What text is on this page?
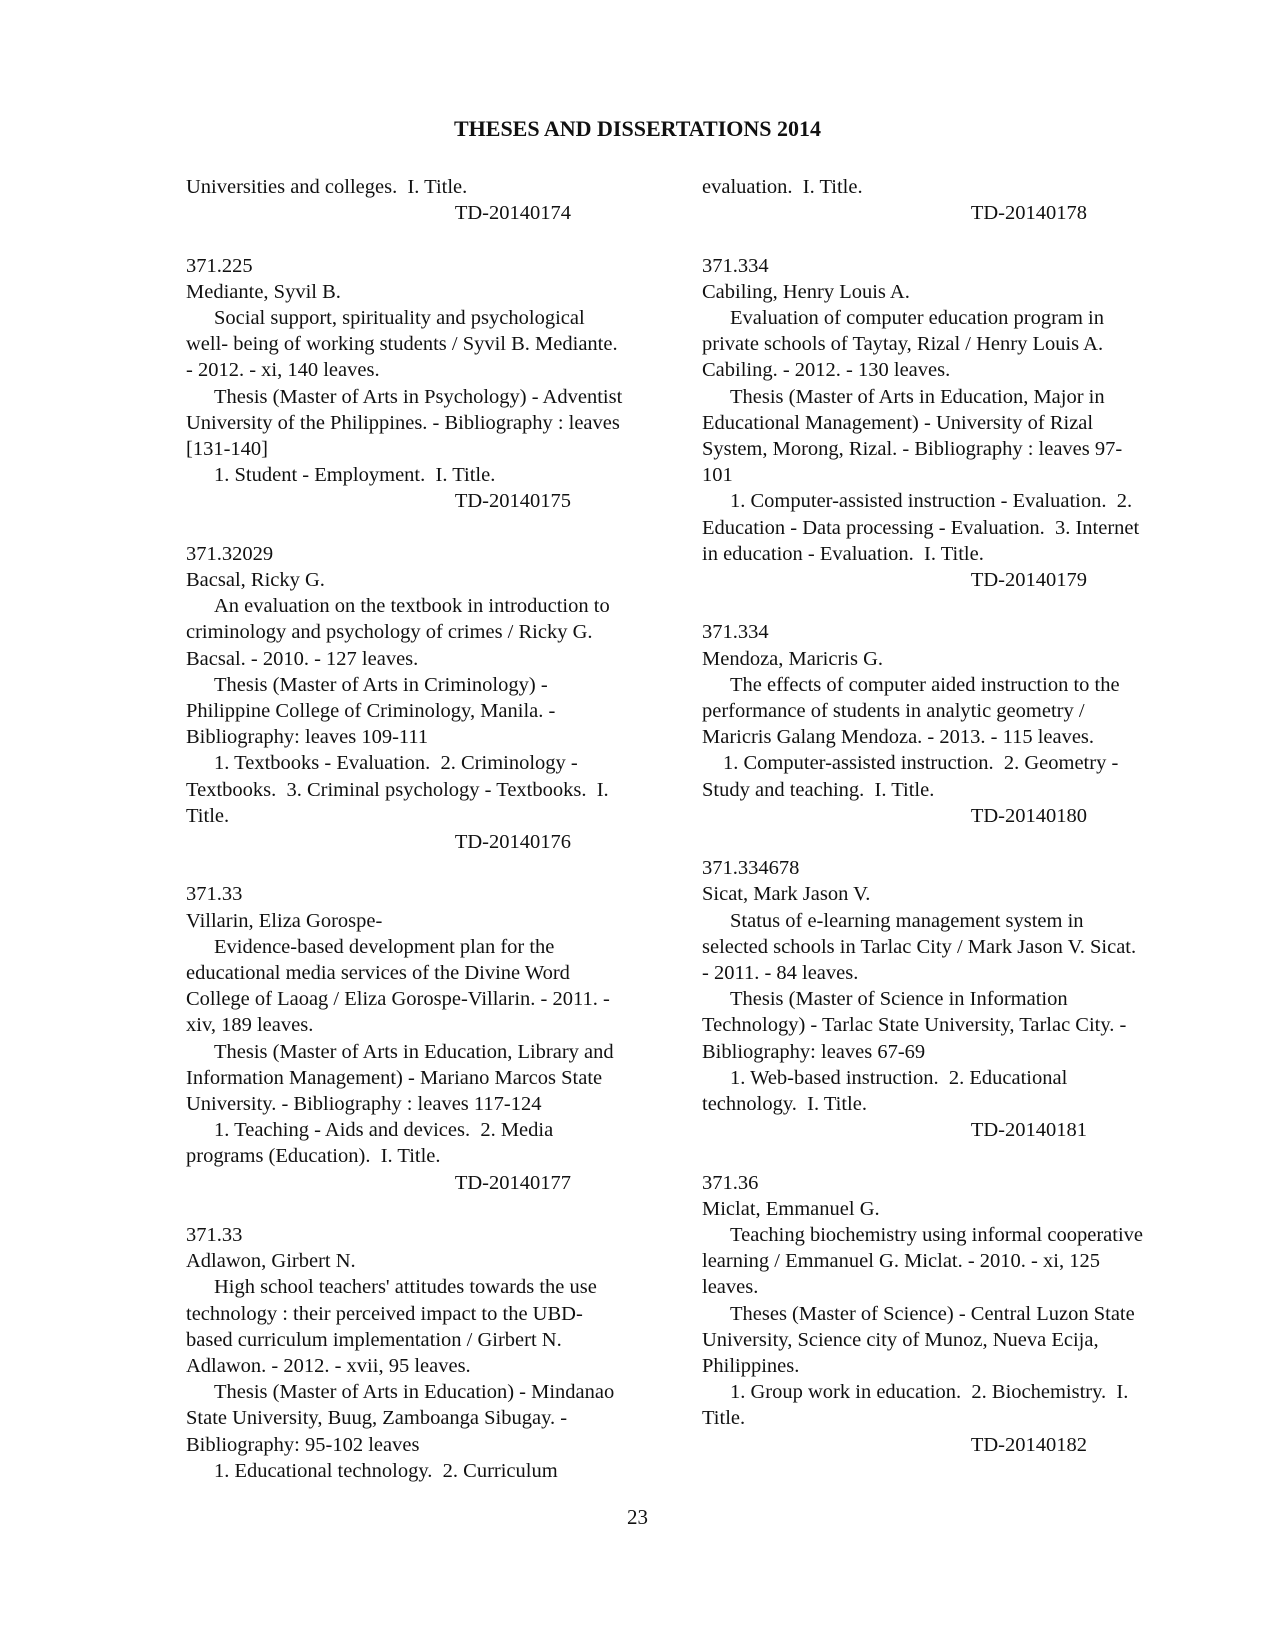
THESES AND DISSERTATIONS 2014
Universities and colleges.  I. Title.
TD-20140174
371.225
Mediante, Syvil B.
Social support, spirituality and psychological
well- being of working students / Syvil B. Mediante.
- 2012. - xi, 140 leaves.
Thesis (Master of Arts in Psychology) - Adventist
University of the Philippines. - Bibliography : leaves
[131-140]
1. Student - Employment.  I. Title.
TD-20140175
371.32029
Bacsal, Ricky G.
An evaluation on the textbook in introduction to
criminology and psychology of crimes / Ricky G.
Bacsal. - 2010. - 127 leaves.
Thesis (Master of Arts in Criminology) -
Philippine College of Criminology, Manila. -
Bibliography: leaves 109-111
1. Textbooks - Evaluation.  2. Criminology -
Textbooks.  3. Criminal psychology - Textbooks.  I.
Title.
TD-20140176
371.33
Villarin, Eliza Gorospe-
Evidence-based development plan for the
educational media services of the Divine Word
College of Laoag / Eliza Gorospe-Villarin. - 2011. -
xiv, 189 leaves.
Thesis (Master of Arts in Education, Library and
Information Management) - Mariano Marcos State
University. - Bibliography : leaves 117-124
1. Teaching - Aids and devices.  2. Media
programs (Education).  I. Title.
TD-20140177
371.33
Adlawon, Girbert N.
High school teachers' attitudes towards the use
technology : their perceived impact to the UBD-
based curriculum implementation / Girbert N.
Adlawon. - 2012. - xvii, 95 leaves.
Thesis (Master of Arts in Education) - Mindanao
State University, Buug, Zamboanga Sibugay. -
Bibliography: 95-102 leaves
1. Educational technology.  2. Curriculum
evaluation.  I. Title.
TD-20140178
371.334
Cabiling, Henry Louis A.
Evaluation of computer education program in
private schools of Taytay, Rizal / Henry Louis A.
Cabiling. - 2012. - 130 leaves.
Thesis (Master of Arts in Education, Major in
Educational Management) - University of Rizal
System, Morong, Rizal. - Bibliography : leaves 97-
101
1. Computer-assisted instruction - Evaluation.  2.
Education - Data processing - Evaluation.  3. Internet
in education - Evaluation.  I. Title.
TD-20140179
371.334
Mendoza, Maricris G.
The effects of computer aided instruction to the
performance of students in analytic geometry /
Maricris Galang Mendoza. - 2013. - 115 leaves.
1. Computer-assisted instruction.  2. Geometry -
Study and teaching.  I. Title.
TD-20140180
371.334678
Sicat, Mark Jason V.
Status of e-learning management system in
selected schools in Tarlac City / Mark Jason V. Sicat.
- 2011. - 84 leaves.
Thesis (Master of Science in Information
Technology) - Tarlac State University, Tarlac City. -
Bibliography: leaves 67-69
1. Web-based instruction.  2. Educational
technology.  I. Title.
TD-20140181
371.36
Miclat, Emmanuel G.
Teaching biochemistry using informal cooperative
learning / Emmanuel G. Miclat. - 2010. - xi, 125
leaves.
Theses (Master of Science) - Central Luzon State
University, Science city of Munoz, Nueva Ecija,
Philippines.
1. Group work in education.  2. Biochemistry.  I.
Title.
TD-20140182
23
